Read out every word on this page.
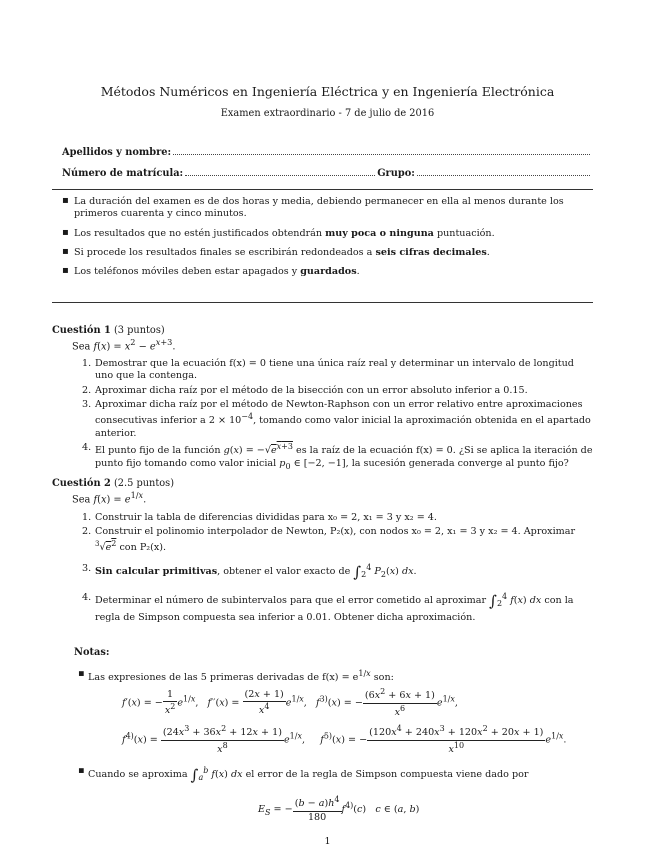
Métodos Numéricos en Ingeniería Eléctrica y en Ingeniería Electrónica
Examen extraordinario - 7 de julio de 2016
Apellidos y nombre:
Número de matrícula:	Grupo:
▪ La duración del examen es de dos horas y media, debiendo permanecer en ella al menos durante los primeros cuarenta y cinco minutos.
▪ Los resultados que no estén justificados obtendrán muy poca o ninguna puntuación.
▪ Si procede los resultados finales se escribirán redondeados a seis cifras decimales.
▪ Los teléfonos móviles deben estar apagados y guardados.
Cuestión 1 (3 puntos)
Sea $f(x) = x^2 - e^{x+3}$.
1. Demostrar que la ecuación f(x) = 0 tiene una única raíz real y determinar un intervalo de longitud uno que la contenga.
2. Aproximar dicha raíz por el método de la bisección con un error absoluto inferior a 0.15.
3. Aproximar dicha raíz por el método de Newton-Raphson con un error relativo entre aproximaciones consecutivas inferior a $2 \times 10^{-4}$, tomando como valor inicial la aproximación obtenida en el apartado anterior.
4. El punto fijo de la función $g(x) = -√e^{x+3}$ es la raíz de la ecuación f(x) = 0. ¿Si se aplica la iteración de punto fijo tomando como valor inicial $p_0$ ∈ [−2, −1], la sucesión generada converge al punto fijo?
Cuestión 2 (2.5 puntos)
Sea $f(x) = e^{1/x}$.
1. Construir la tabla de diferencias divididas para x₀ = 2, x₁ = 3 y x₂ = 4.
2. Construir el polinomio interpolador de Newton, P₂(x), con nodos x₀ = 2, x₁ = 3 y x₂ = 4. Aproximar $^3√e^2$ con P₂(x).
3. Sin calcular primitivas, obtener el valor exacto de $\int_2^4$ $P_2(x)$ dx.
4. Determinar el número de subintervalos para que el error cometido al aproximar $\int_2^4$ f(x) dx con la regla de Simpson compuesta sea inferior a 0.01. Obtener dicha aproximación.
Notas:
▪ Las expresiones de las 5 primeras derivadas de $f(x) = e^{1/x}$ son:
f′(x) = − $\frac{1}{x^2} e^{1/x}$,   $f''(x) = \frac{(2x + 1)}{x^4} e^{1/x}$,   $f^{3)}(x)$ = − $\frac{(6x^2 + 6x + 1)}{x^6} e^{1/x}$,
$f^{4)}(x) = \frac{(24x^3 + 36x^2 + 12x + 1)}{x^8} e^{1/x}$,     $f^{5)}(x)$ = − $\frac{(120x^4 + 240x^3 + 120x^2 + 20x + 1)}{x^{10}} e^{1/x}$.
▪ Cuando se aproxima $\int_a^b$ f(x) dx el error de la regla de Simpson compuesta viene dado por
$E_S$ = − $\frac{(b - a)h^4}{180} f^{4)}(c)$   c ∈ (a, b)
1
